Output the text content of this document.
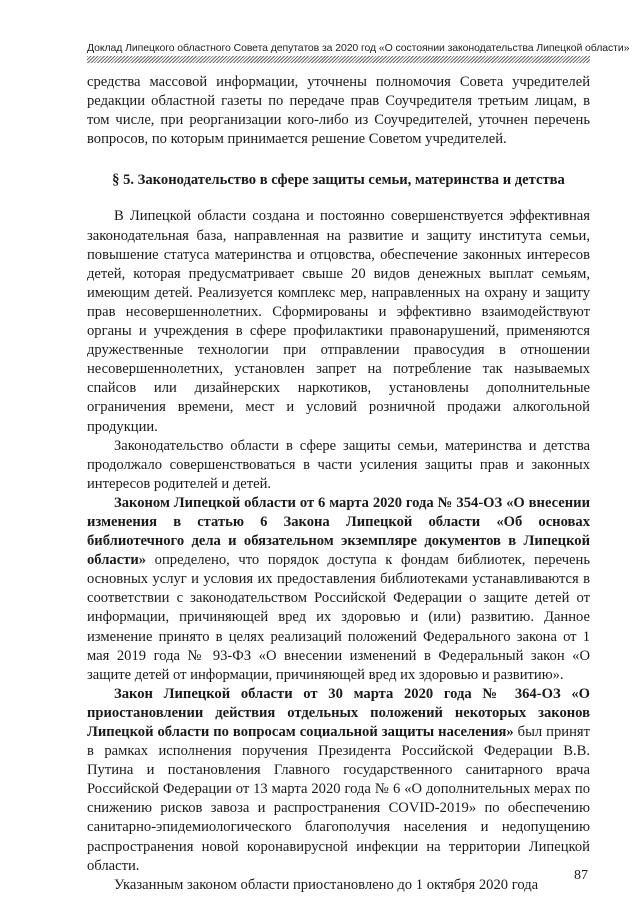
Доклад Липецкого областного Совета депутатов за 2020 год «О состоянии законодательства Липецкой области»

средства массовой информации, уточнены полномочия Совета учредителей редакции областной газеты по передаче прав Соучредителя третьим лицам, в том числе, при реорганизации кого-либо из Соучредителей, уточнен перечень вопросов, по которым принимается решение Советом учредителей.

§ 5. Законодательство в сфере защиты семьи, материнства и детства

В Липецкой области создана и постоянно совершенствуется эффективная законодательная база, направленная на развитие и защиту института семьи, повышение статуса материнства и отцовства, обеспечение законных интересов детей, которая предусматривает свыше 20 видов денежных выплат семьям, имеющим детей. Реализуется комплекс мер, направленных на охрану и защиту прав несовершеннолетних. Сформированы и эффективно взаимодействуют органы и учреждения в сфере профилактики правонарушений, применяются дружественные технологии при отправлении правосудия в отношении несовершеннолетних, установлен запрет на потребление так называемых спайсов или дизайнерских наркотиков, установлены дополнительные ограничения времени, мест и условий розничной продажи алкогольной продукции.

Законодательство области в сфере защиты семьи, материнства и детства продолжало совершенствоваться в части усиления защиты прав и законных интересов родителей и детей.

Законом Липецкой области от 6 марта 2020 года № 354-ОЗ «О внесении изменения в статью 6 Закона Липецкой области «Об основах библиотечного дела и обязательном экземпляре документов в Липецкой области» определено, что порядок доступа к фондам библиотек, перечень основных услуг и условия их предоставления библиотеками устанавливаются в соответствии с законодательством Российской Федерации о защите детей от информации, причиняющей вред их здоровью и (или) развитию. Данное изменение принято в целях реализаций положений Федерального закона от 1 мая 2019 года № 93-ФЗ «О внесении изменений в Федеральный закон «О защите детей от информации, причиняющей вред их здоровью и развитию».

Закон Липецкой области от 30 марта 2020 года № 364-ОЗ «О приостановлении действия отдельных положений некоторых законов Липецкой области по вопросам социальной защиты населения» был принят в рамках исполнения поручения Президента Российской Федерации В.В. Путина и постановления Главного государственного санитарного врача Российской Федерации от 13 марта 2020 года № 6 «О дополнительных мерах по снижению рисков завоза и распространения COVID-2019» по обеспечению санитарно-эпидемиологического благополучия населения и недопущению распространения новой коронавирусной инфекции на территории Липецкой области.

Указанным законом области приостановлено до 1 октября 2020 года

87
